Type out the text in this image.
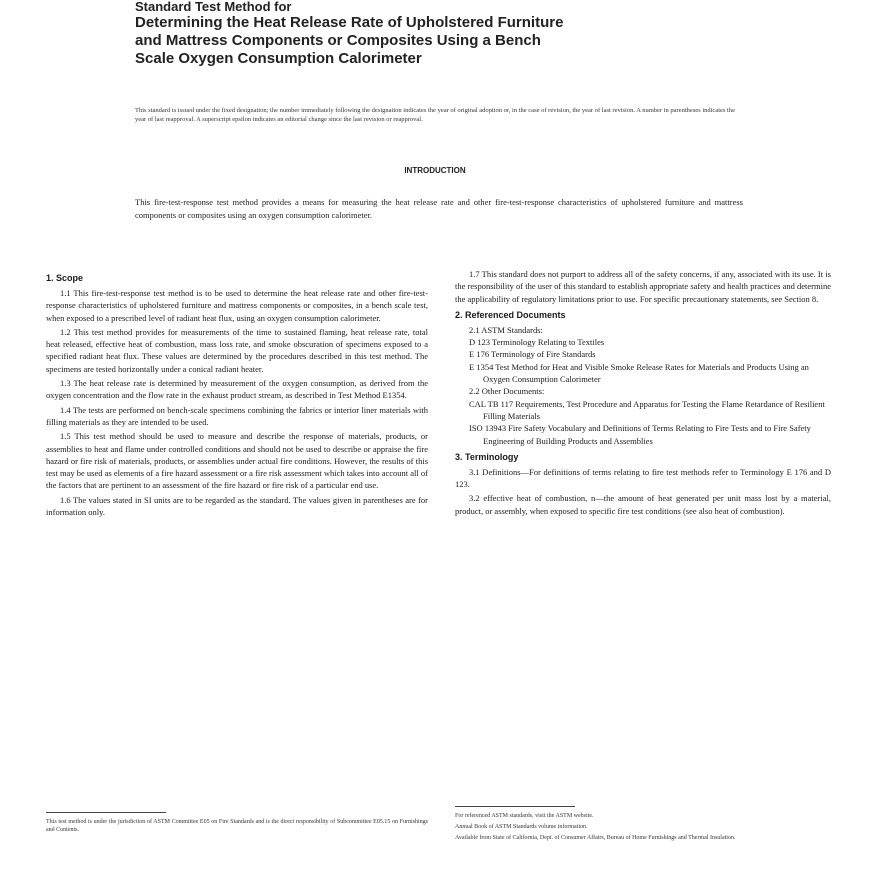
Standard Test Method for
Determining the Heat Release Rate of Upholstered Furniture
and Mattress Components or Composites Using a Bench
Scale Oxygen Consumption Calorimeter
This standard is issued under the fixed designation; the number immediately following the designation indicates the year of original adoption or, in the case of revision, the year of last revision. A number in parentheses indicates the year of last reapproval. A superscript epsilon indicates an editorial change since the last revision or reapproval.
INTRODUCTION
This fire-test-response test method provides a means for measuring the heat release rate and other fire-test-response characteristics of upholstered furniture and mattress components or composites using an oxygen consumption calorimeter.
1. Scope
1.1 This fire-test-response test method is to be used to determine the heat release rate and other fire-test-response characteristics of upholstered furniture and mattress components or composites, in a bench scale test, when exposed to a prescribed level of radiant heat flux, using an oxygen consumption calorimeter.
1.2 This test method provides for measurements of the time to sustained flaming, heat release rate, total heat released, effective heat of combustion, mass loss rate, and smoke obscuration of specimens exposed to a specified radiant heat flux. These values are determined by the procedures described in this test method. The specimens are tested horizontally under a conical radiant heater.
1.3 The heat release rate is determined by measurement of the oxygen consumption, as derived from the oxygen concentration and the flow rate in the exhaust product stream, as described in Test Method E1354.
1.4 The tests are performed on bench-scale specimens combining the fabrics or interior liner materials with filling materials as they are intended to be used.
1.5 This test method should be used to measure and describe the response of materials, products, or assemblies to heat and flame under controlled conditions and should not be used to describe or appraise the fire hazard or fire risk of materials, products, or assemblies under actual fire conditions. However, the results of this test may be used as elements of a fire hazard assessment or a fire risk assessment which takes into account all of the factors that are pertinent to an assessment of the fire hazard or fire risk of a particular end use.
1.6 The values stated in SI units are to be regarded as the standard. The values given in parentheses are for information only.
1.7 This standard does not purport to address all of the safety concerns, if any, associated with its use. It is the responsibility of the user of this standard to establish appropriate safety and health practices and determine the applicability of regulatory limitations prior to use. For specific precautionary statements, see Section 8.
2. Referenced Documents
2.1 ASTM Standards:
D 123 Terminology Relating to Textiles
E 176 Terminology of Fire Standards
E 1354 Test Method for Heat and Visible Smoke Release Rates for Materials and Products Using an Oxygen Consumption Calorimeter
2.2 Other Documents:
CAL TB 117 Requirements, Test Procedure and Apparatus for Testing the Flame Retardance of Resilient Filling Materials
ISO 13943 Fire Safety Vocabulary and Definitions of Terms Relating to Fire Tests and to Fire Safety Engineering of Building Products and Assemblies
3. Terminology
3.1 Definitions—For definitions of terms relating to fire test methods refer to Terminology E 176 and D 123.
3.2 effective heat of combustion, n—the amount of heat generated per unit mass lost by a material, product, or assembly, when exposed to specific fire test conditions (see also heat of combustion).
This test method is under the jurisdiction of ASTM Committee E05 on Fire Standards and is the direct responsibility of Subcommittee E05.15 on Furnishings and Contents.
For referenced ASTM standards, visit the ASTM website.
Annual Book of ASTM Standards volume information.
Available from State of California, Dept. of Consumer Affairs, Bureau of Home Furnishings and Thermal Insulation.
